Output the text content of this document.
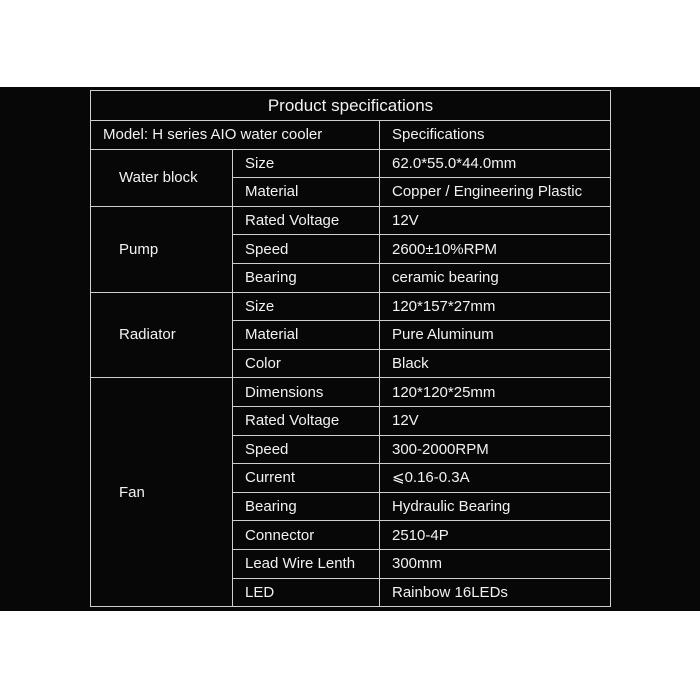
Product specifications		
Model: H series AIO water cooler		Specifications
Water block	Size	62.0*55.0*44.0mm
	Material	Copper / Engineering Plastic
Pump	Rated Voltage	12V
	Speed	2600±10%RPM
	Bearing	ceramic bearing
Radiator	Size	120*157*27mm
	Material	Pure Aluminum
	Color	Black
Fan	Dimensions	120*120*25mm
	Rated Voltage	12V
	Speed	300-2000RPM
	Current	⩽0.16-0.3A
	Bearing	Hydraulic Bearing
	Connector	2510-4P
	Lead Wire Lenth	300mm
	LED	Rainbow 16LEDs
